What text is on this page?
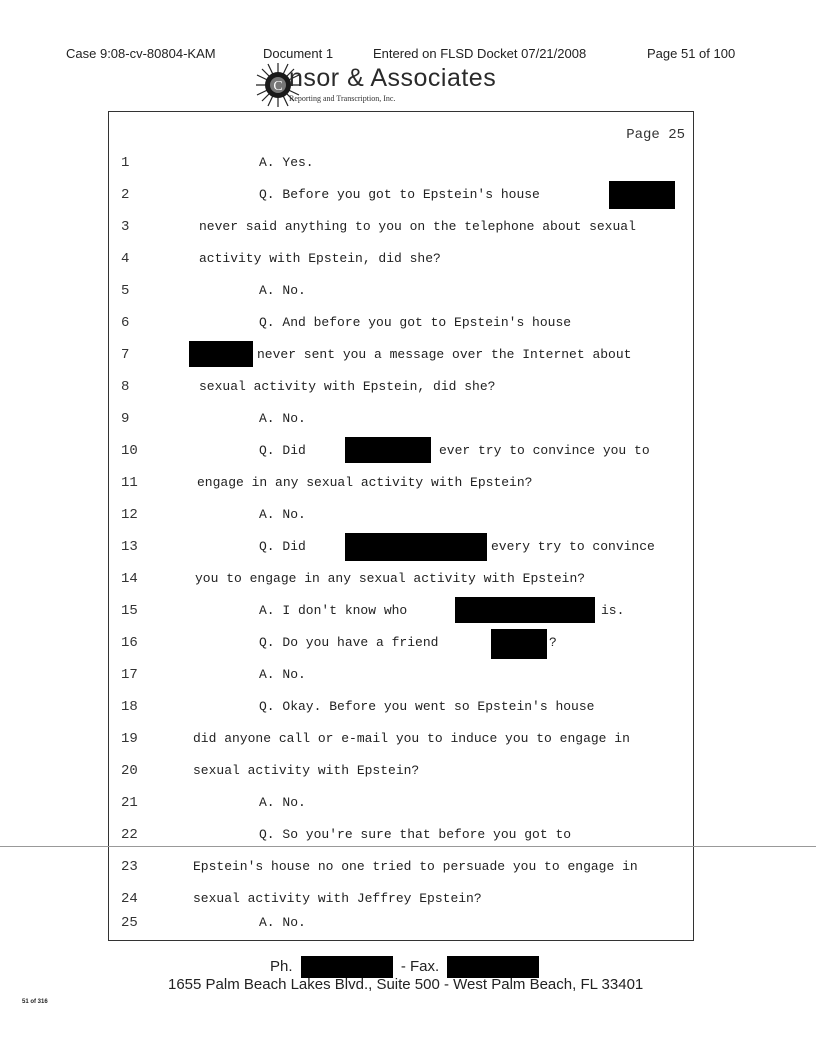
Case 9:08-cv-80804-KAM	Document 1	Entered on FLSD Docket 07/21/2008	Page 51 of 100
C nsor & Associates
Reporting and Transcription, Inc.
Page 25
1	A. Yes.
2	Q. Before you got to Epstein's house
3	never said anything to you on the telephone about sexual
4	activity with Epstein, did she?
5	A. No.
6	Q. And before you got to Epstein's house
7	never sent you a message over the Internet about
8	sexual activity with Epstein, did she?
9	A. No.
10	Q. Did	ever try to convince you to
11	engage in any sexual activity with Epstein?
12	A. No.
13	Q. Did	every try to convince
14	you to engage in any sexual activity with Epstein?
15	A. I don't know who	is.
16	Q. Do you have a friend	?
17	A. No.
18	Q. Okay. Before you went so Epstein's house
19	did anyone call or e-mail you to induce you to engage in
20	sexual activity with Epstein?
21	A. No.
22	Q. So you're sure that before you got to
23	Epstein's house no one tried to persuade you to engage in
24	sexual activity with Jeffrey Epstein?
25	A. No.
Ph.	- Fax.
1655 Palm Beach Lakes Blvd., Suite 500 - West Palm Beach, FL 33401
51 of 316
